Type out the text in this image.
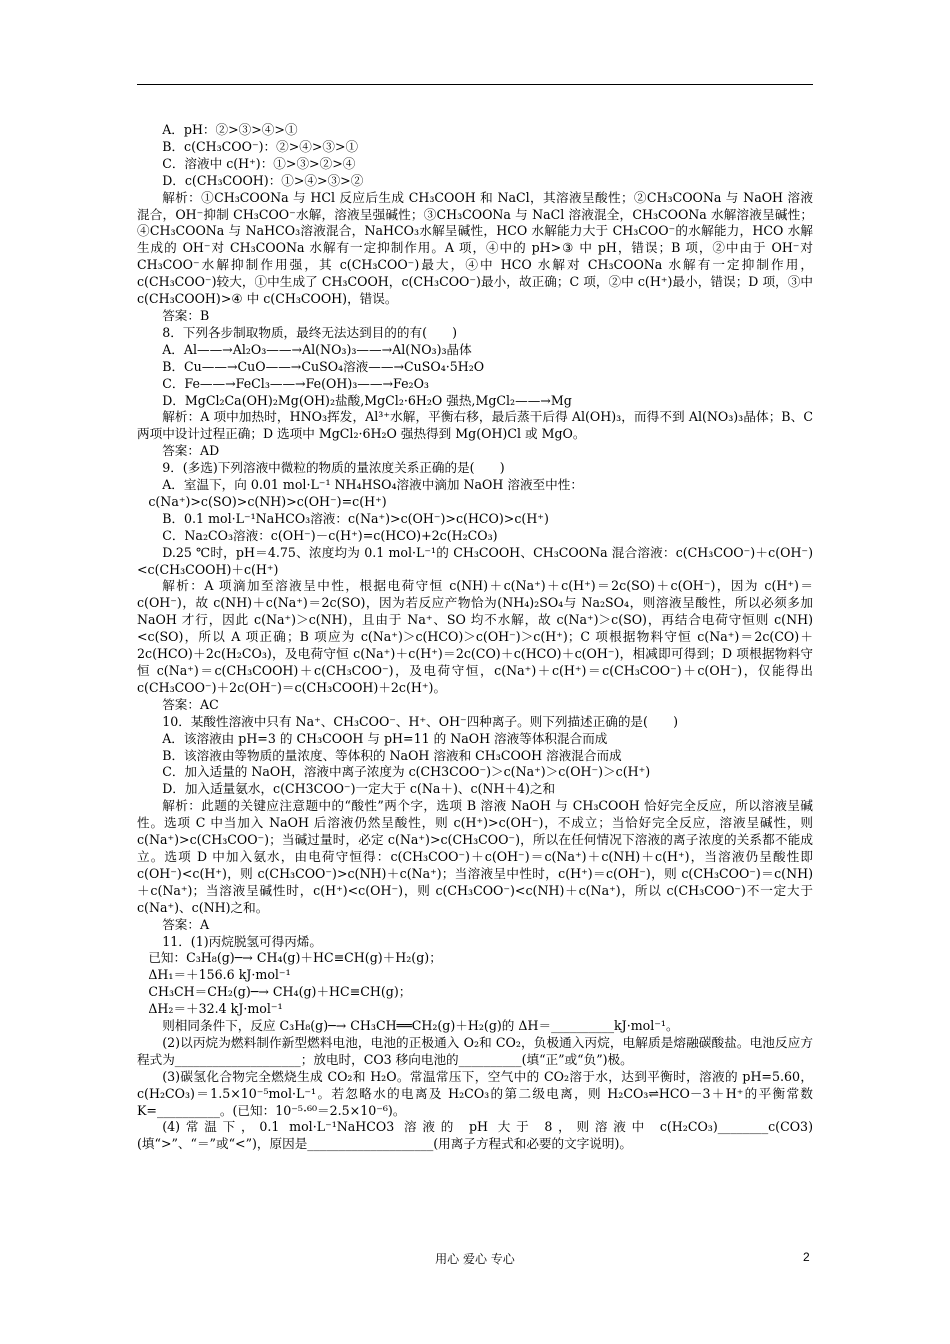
A．pH：②>③>④>①

B．c(CH₃COO⁻)：②>④>③>①

C．溶液中 c(H⁺)：①>③>②>④

D．c(CH₃COOH)：①>④>③>②

解析：①CH₃COONa 与 HCl 反应后生成 CH₃COOH 和 NaCl，其溶液呈酸性；②CH₃COONa 与 NaOH 溶液混合，OH⁻抑制 CH₃COO⁻水解，溶液呈强碱性；③CH₃COONa 与 NaCl 溶液混全，CH₃COONa 水解溶液呈碱性；④CH₃COONa 与 NaHCO₃溶液混合，NaHCO₃水解呈碱性，HCO 水解能力大于 CH₃COO⁻的水解能力，HCO 水解生成的 OH⁻对 CH₃COONa 水解有一定抑制作用。A 项，④中的 pH>③ 中 pH，错误；B 项，②中由于 OH⁻对 CH₃COO⁻水解抑制作用强，其 c(CH₃COO⁻)最大，④中 HCO 水解对 CH₃COONa 水解有一定抑制作用，c(CH₃COO⁻)较大，①中生成了 CH₃COOH，c(CH₃COO⁻)最小，故正确；C 项，②中 c(H⁺)最小，错误；D 项，③中 c(CH₃COOH)>④ 中 c(CH₃COOH)，错误。

答案：B

8．下列各步制取物质，最终无法达到目的的有(　　)

A．Al——→Al₂O₃——→Al(NO₃)₃——→Al(NO₃)₃晶体

B．Cu——→CuO——→CuSO₄溶液——→CuSO₄·5H₂O

C．Fe——→FeCl₃——→Fe(OH)₃——→Fe₂O₃

D．MgCl₂Ca(OH)₂Mg(OH)₂盐酸,MgCl₂·6H₂O 强热,MgCl₂——→Mg

解析：A 项中加热时，HNO₃挥发，Al³⁺水解，平衡右移，最后蒸干后得 Al(OH)₃，而得不到 Al(NO₃)₃晶体；B、C 两项中设计过程正确；D 选项中 MgCl₂·6H₂O 强热得到 Mg(OH)Cl 或 MgO。

答案：AD

9．(多选)下列溶液中微粒的物质的量浓度关系正确的是(　　)

A．室温下，向 0.01 mol·L⁻¹ NH₄HSO₄溶液中滴加 NaOH 溶液至中性：

c(Na⁺)>c(SO)>c(NH)>c(OH⁻)=c(H⁺)

B．0.1 mol·L⁻¹NaHCO₃溶液：c(Na⁺)>c(OH⁻)>c(HCO)>c(H⁺)

C．Na₂CO₃溶液：c(OH⁻)－c(H⁺)=c(HCO)+2c(H₂CO₃)

D.25 ℃时，pH＝4.75、浓度均为 0.1 mol·L⁻¹的 CH₃COOH、CH₃COONa 混合溶液：c(CH₃COO⁻)＋c(OH⁻)<c(CH₃COOH)＋c(H⁺)

解析：A 项滴加至溶液呈中性，根据电荷守恒 c(NH)＋c(Na⁺)＋c(H⁺)＝2c(SO)＋c(OH⁻)，因为 c(H⁺)＝c(OH⁻)，故 c(NH)＋c(Na⁺)＝2c(SO)，因为若反应产物恰为(NH₄)₂SO₄与 Na₂SO₄，则溶液呈酸性，所以必须多加 NaOH 才行，因此 c(Na⁺)＞c(NH)，且由于 Na⁺、SO 均不水解，故 c(Na⁺)＞c(SO)，再结合电荷守恒则 c(NH)<c(SO)，所以 A 项正确；B 项应为 c(Na⁺)＞c(HCO)＞c(OH⁻)＞c(H⁺)；C 项根据物料守恒 c(Na⁺)＝2c(CO)＋2c(HCO)＋2c(H₂CO₃)，及电荷守恒 c(Na⁺)＋c(H⁺)＝2c(CO)＋c(HCO)＋c(OH⁻)，相减即可得到；D 项根据物料守恒 c(Na⁺)＝c(CH₃COOH)＋c(CH₃COO⁻)，及电荷守恒，c(Na⁺)＋c(H⁺)＝c(CH₃COO⁻)＋c(OH⁻)，仅能得出 c(CH₃COO⁻)＋2c(OH⁻)＝c(CH₃COOH)＋2c(H⁺)。

答案：AC

10．某酸性溶液中只有 Na⁺、CH₃COO⁻、H⁺、OH⁻四种离子。则下列描述正确的是(　　)

A．该溶液由 pH=3 的 CH₃COOH 与 pH=11 的 NaOH 溶液等体积混合而成

B．该溶液由等物质的量浓度、等体积的 NaOH 溶液和 CH₃COOH 溶液混合而成

C．加入适量的 NaOH，溶液中离子浓度为 c(CH3COO⁻)＞c(Na⁺)＞c(OH⁻)＞c(H⁺)

D．加入适量氨水，c(CH3COO⁻)一定大于 c(Na＋)、c(NH＋4)之和

解析：此题的关键应注意题中的“酸性”两个字，选项 B 溶液 NaOH 与 CH₃COOH 恰好完全反应，所以溶液呈碱性。选项 C 中当加入 NaOH 后溶液仍然呈酸性，则 c(H⁺)>c(OH⁻)，不成立；当恰好完全反应，溶液呈碱性，则 c(Na⁺)>c(CH₃COO⁻)；当碱过量时，必定 c(Na⁺)>c(CH₃COO⁻)，所以在任何情况下溶液的离子浓度的关系都不能成立。选项 D 中加入氨水，由电荷守恒得：c(CH₃COO⁻)＋c(OH⁻)＝c(Na⁺)＋c(NH)＋c(H⁺)，当溶液仍呈酸性即 c(OH⁻)<c(H⁺)，则 c(CH₃COO⁻)>c(NH)＋c(Na⁺)；当溶液呈中性时，c(H⁺)＝c(OH⁻)，则 c(CH₃COO⁻)＝c(NH)＋c(Na⁺)；当溶液呈碱性时，c(H⁺)<c(OH⁻)，则 c(CH₃COO⁻)<c(NH)＋c(Na⁺)，所以 c(CH₃COO⁻)不一定大于 c(Na⁺)、c(NH)之和。

答案：A

11．(1)丙烷脱氢可得丙烯。

已知：C₃H₈(g)─→ CH₄(g)＋HC≡CH(g)＋H₂(g)；

ΔH₁＝＋156.6 kJ·mol⁻¹

CH₃CH＝CH₂(g)─→ CH₄(g)＋HC≡CH(g)；

ΔH₂＝＋32.4 kJ·mol⁻¹

则相同条件下，反应 C₃H₈(g)─→ CH₃CH══CH₂(g)＋H₂(g)的 ΔH＝__________kJ·mol⁻¹。

(2)以丙烷为燃料制作新型燃料电池，电池的正极通入 O₂和 CO₂，负极通入丙烷，电解质是熔融碳酸盐。电池反应方程式为____________________；放电时，CO3 移向电池的__________(填“正”或“负”)极。

(3)碳氢化合物完全燃烧生成 CO₂和 H₂O。常温常压下，空气中的 CO₂溶于水，达到平衡时，溶液的 pH=5.60，c(H₂CO₃)＝1.5×10⁻⁵mol·L⁻¹。若忽略水的电离及 H₂CO₃的第二级电离，则 H₂CO₃⇌HCO－3＋H⁺的平衡常数 K=__________。(已知：10⁻⁵·⁶⁰＝2.5×10⁻⁶)。

(4)常温下，0.1 mol·L⁻¹NaHCO3 溶液的 pH 大于 8，则溶液中 c(H₂CO₃)________c(CO3)(填“>”、“＝”或“<”)，原因是____________________(用离子方程式和必要的文字说明)。

用心 爱心 专心	2
